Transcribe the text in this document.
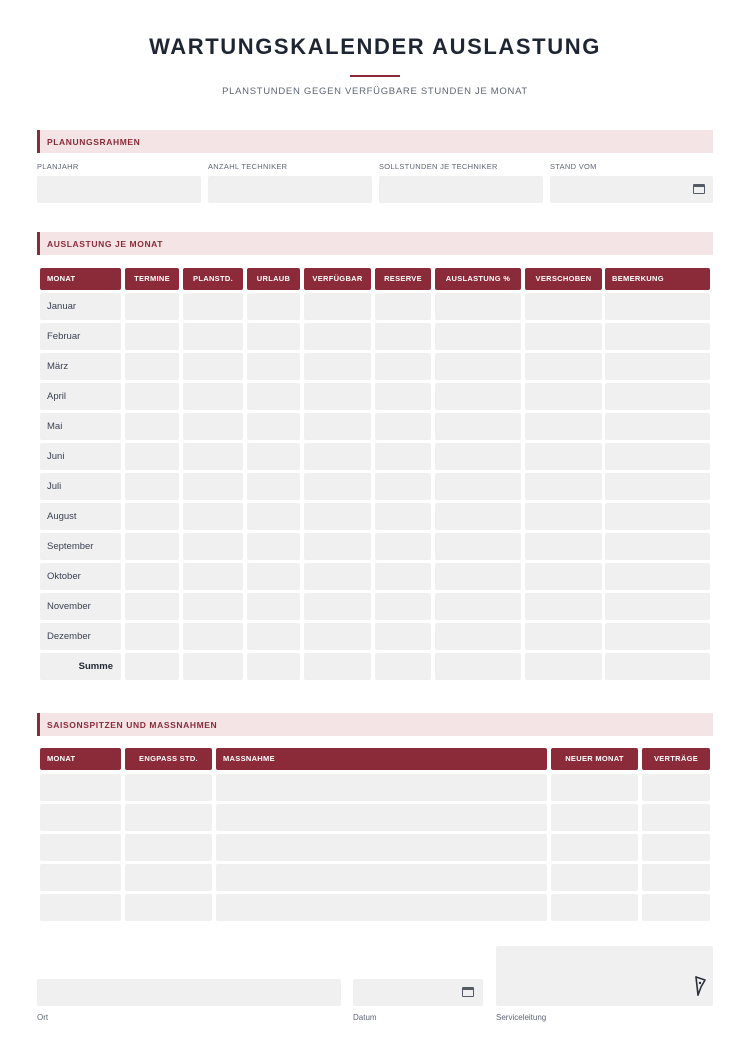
WARTUNGSKALENDER AUSLASTUNG
PLANSTUNDEN GEGEN VERFÜGBARE STUNDEN JE MONAT
PLANUNGSRAHMEN
PLANJAHR	ANZAHL TECHNIKER	SOLLSTUNDEN JE TECHNIKER	STAND VOM
AUSLASTUNG JE MONAT
MONAT	TERMINE	PLANSTD.	URLAUB	VERFÜGBAR	RESERVE	AUSLASTUNG %	VERSCHOBEN	BEMERKUNG
Januar
Februar
März
April
Mai
Juni
Juli
August
September
Oktober
November
Dezember
Summe
SAISONSPITZEN UND MASSNAHMEN
MONAT	ENGPASS STD.	MASSNAHME	NEUER MONAT	VERTRÄGE
Ort	Datum	Serviceleitung
